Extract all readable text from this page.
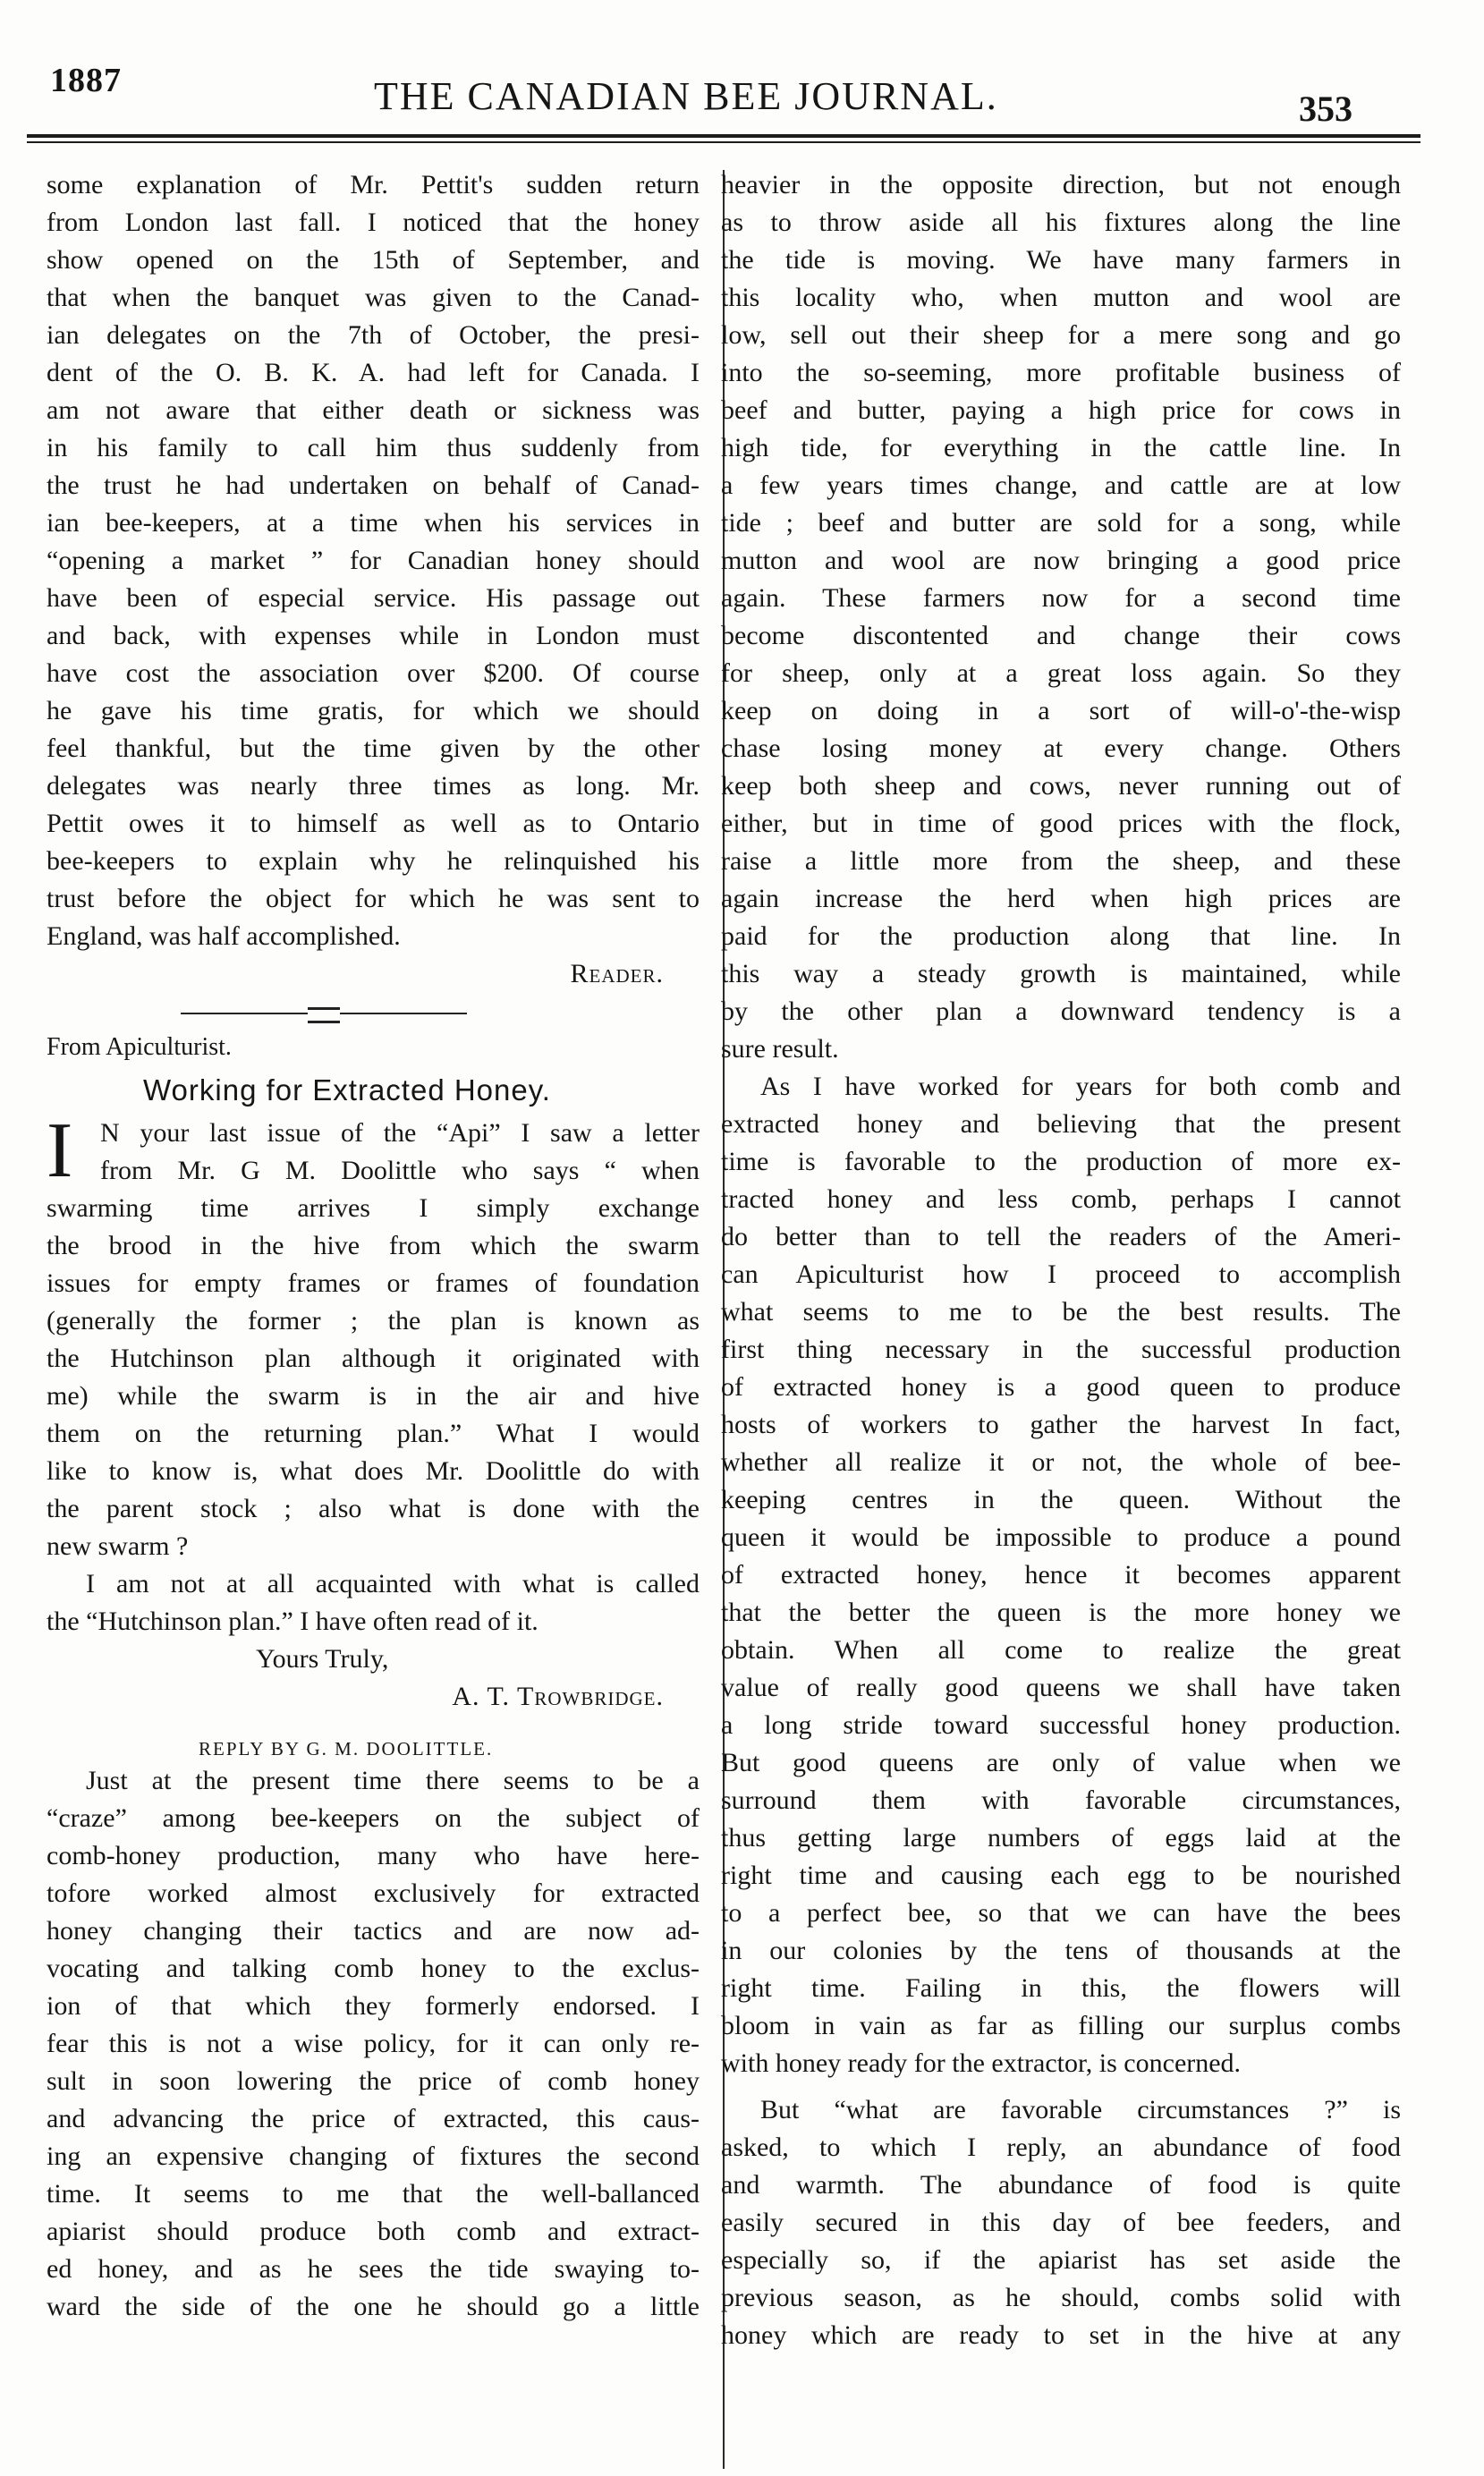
1887	THE CANADIAN BEE JOURNAL.	353
some explanation of Mr. Pettit's sudden return
from London last fall. I noticed that the honey
show opened on the 15th of September, and
that when the banquet was given to the Canad-
ian delegates on the 7th of October, the presi-
dent of the O. B. K. A. had left for Canada. I
am not aware that either death or sickness was
in his family to call him thus suddenly from
the trust he had undertaken on behalf of Canad-
ian bee-keepers, at a time when his services in
“opening a market ” for Canadian honey should
have been of especial service. His passage out
and back, with expenses while in London must
have cost the association over $200. Of course
he gave his time gratis, for which we should
feel thankful, but the time given by the other
delegates was nearly three times as long. Mr.
Pettit owes it to himself as well as to Ontario
bee-keepers to explain why he relinquished his
trust before the object for which he was sent to
England, was half accomplished.
Reader.
From Apiculturist.
Working for Extracted Honey.
I	N your last issue of the “Api” I saw a letter
from Mr. G M. Doolittle who says “ when
swarming time arrives I simply exchange
the brood in the hive from which the swarm
issues for empty frames or frames of foundation
(generally the former ; the plan is known as
the Hutchinson plan although it originated with
me) while the swarm is in the air and hive
them on the returning plan.” What I would
like to know is, what does Mr. Doolittle do with
the parent stock ; also what is done with the
new swarm ?
I am not at all acquainted with what is called
the “Hutchinson plan.” I have often read of it.
Yours Truly,
A. T. Trowbridge.
REPLY BY G. M. DOOLITTLE.
Just at the present time there seems to be a
“craze” among bee-keepers on the subject of
comb-honey production, many who have here-
tofore worked almost exclusively for extracted
honey changing their tactics and are now ad-
vocating and talking comb honey to the exclus-
ion of that which they formerly endorsed. I
fear this is not a wise policy, for it can only re-
sult in soon lowering the price of comb honey
and advancing the price of extracted, this caus-
ing an expensive changing of fixtures the second
time. It seems to me that the well-ballanced
apiarist should produce both comb and extract-
ed honey, and as he sees the tide swaying to-
ward the side of the one he should go a little
heavier in the opposite direction, but not enough
as to throw aside all his fixtures along the line
the tide is moving. We have many farmers in
this locality who, when mutton and wool are
low, sell out their sheep for a mere song and go
into the so-seeming, more profitable business of
beef and butter, paying a high price for cows in
high tide, for everything in the cattle line. In
a few years times change, and cattle are at low
tide ; beef and butter are sold for a song, while
mutton and wool are now bringing a good price
again. These farmers now for a second time
become discontented and change their cows
for sheep, only at a great loss again. So they
keep on doing in a sort of will-o'-the-wisp
chase losing money at every change. Others
keep both sheep and cows, never running out of
either, but in time of good prices with the flock,
raise a little more from the sheep, and these
again increase the herd when high prices are
paid for the production along that line. In
this way a steady growth is maintained, while
by the other plan a downward tendency is a
sure result.
As I have worked for years for both comb and
extracted honey and believing that the present
time is favorable to the production of more ex-
tracted honey and less comb, perhaps I cannot
do better than to tell the readers of the Ameri-
can Apiculturist how I proceed to accomplish
what seems to me to be the best results. The
first thing necessary in the successful production
of extracted honey is a good queen to produce
hosts of workers to gather the harvest In fact,
whether all realize it or not, the whole of bee-
keeping centres in the queen. Without the
queen it would be impossible to produce a pound
of extracted honey, hence it becomes apparent
that the better the queen is the more honey we
obtain. When all come to realize the great
value of really good queens we shall have taken
a long stride toward successful honey production.
But good queens are only of value when we
surround them with favorable circumstances,
thus getting large numbers of eggs laid at the
right time and causing each egg to be nourished
to a perfect bee, so that we can have the bees
in our colonies by the tens of thousands at the
right time. Failing in this, the flowers will
bloom in vain as far as filling our surplus combs
with honey ready for the extractor, is concerned.
But “what are favorable circumstances ?” is
asked, to which I reply, an abundance of food
and warmth. The abundance of food is quite
easily secured in this day of bee feeders, and
especially so, if the apiarist has set aside the
previous season, as he should, combs solid with
honey which are ready to set in the hive at any
